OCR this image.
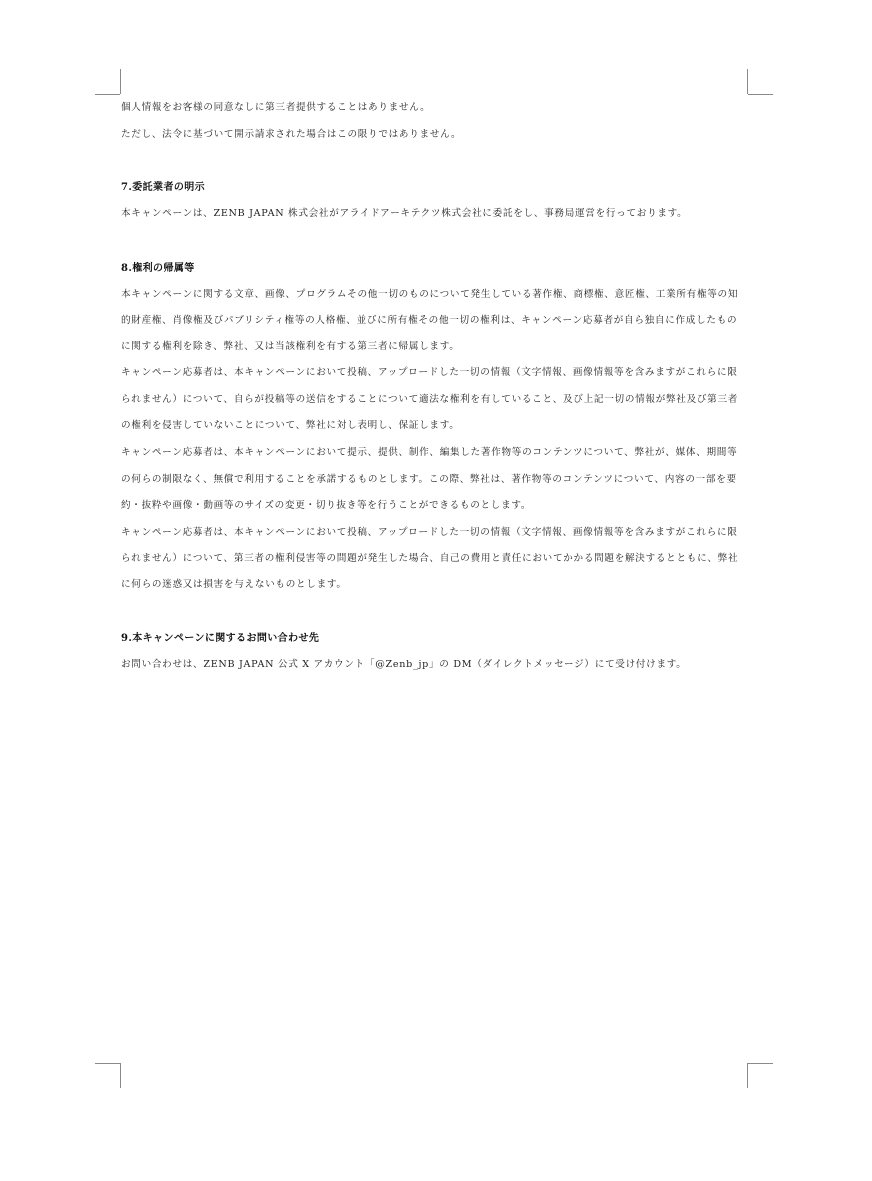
個人情報をお客様の同意なしに第三者提供することはありません。
ただし、法令に基づいて開示請求された場合はこの限りではありません。
7.委託業者の明示
本キャンペーンは、ZENB JAPAN 株式会社がアライドアーキテクツ株式会社に委託をし、事務局運営を行っております。
8.権利の帰属等
本キャンペーンに関する文章、画像、プログラムその他一切のものについて発生している著作権、商標権、意匠権、工業所有権等の知
的財産権、肖像権及びパブリシティ権等の人格権、並びに所有権その他一切の権利は、キャンペーン応募者が自ら独自に作成したもの
に関する権利を除き、弊社、又は当該権利を有する第三者に帰属します。
キャンペーン応募者は、本キャンペーンにおいて投稿、アップロードした一切の情報（文字情報、画像情報等を含みますがこれらに限
られません）について、自らが投稿等の送信をすることについて適法な権利を有していること、及び上記一切の情報が弊社及び第三者
の権利を侵害していないことについて、弊社に対し表明し、保証します。
キャンペーン応募者は、本キャンペーンにおいて提示、提供、制作、編集した著作物等のコンテンツについて、弊社が、媒体、期間等
の何らの制限なく、無償で利用することを承諾するものとします。この際、弊社は、著作物等のコンテンツについて、内容の一部を要
約・抜粋や画像・動画等のサイズの変更・切り抜き等を行うことができるものとします。
キャンペーン応募者は、本キャンペーンにおいて投稿、アップロードした一切の情報（文字情報、画像情報等を含みますがこれらに限
られません）について、第三者の権利侵害等の問題が発生した場合、自己の費用と責任においてかかる問題を解決するとともに、弊社
に何らの迷惑又は損害を与えないものとします。
9.本キャンペーンに関するお問い合わせ先
お問い合わせは、ZENB JAPAN 公式 X アカウント「@Zenb_jp」の DM（ダイレクトメッセージ）にて受け付けます。
